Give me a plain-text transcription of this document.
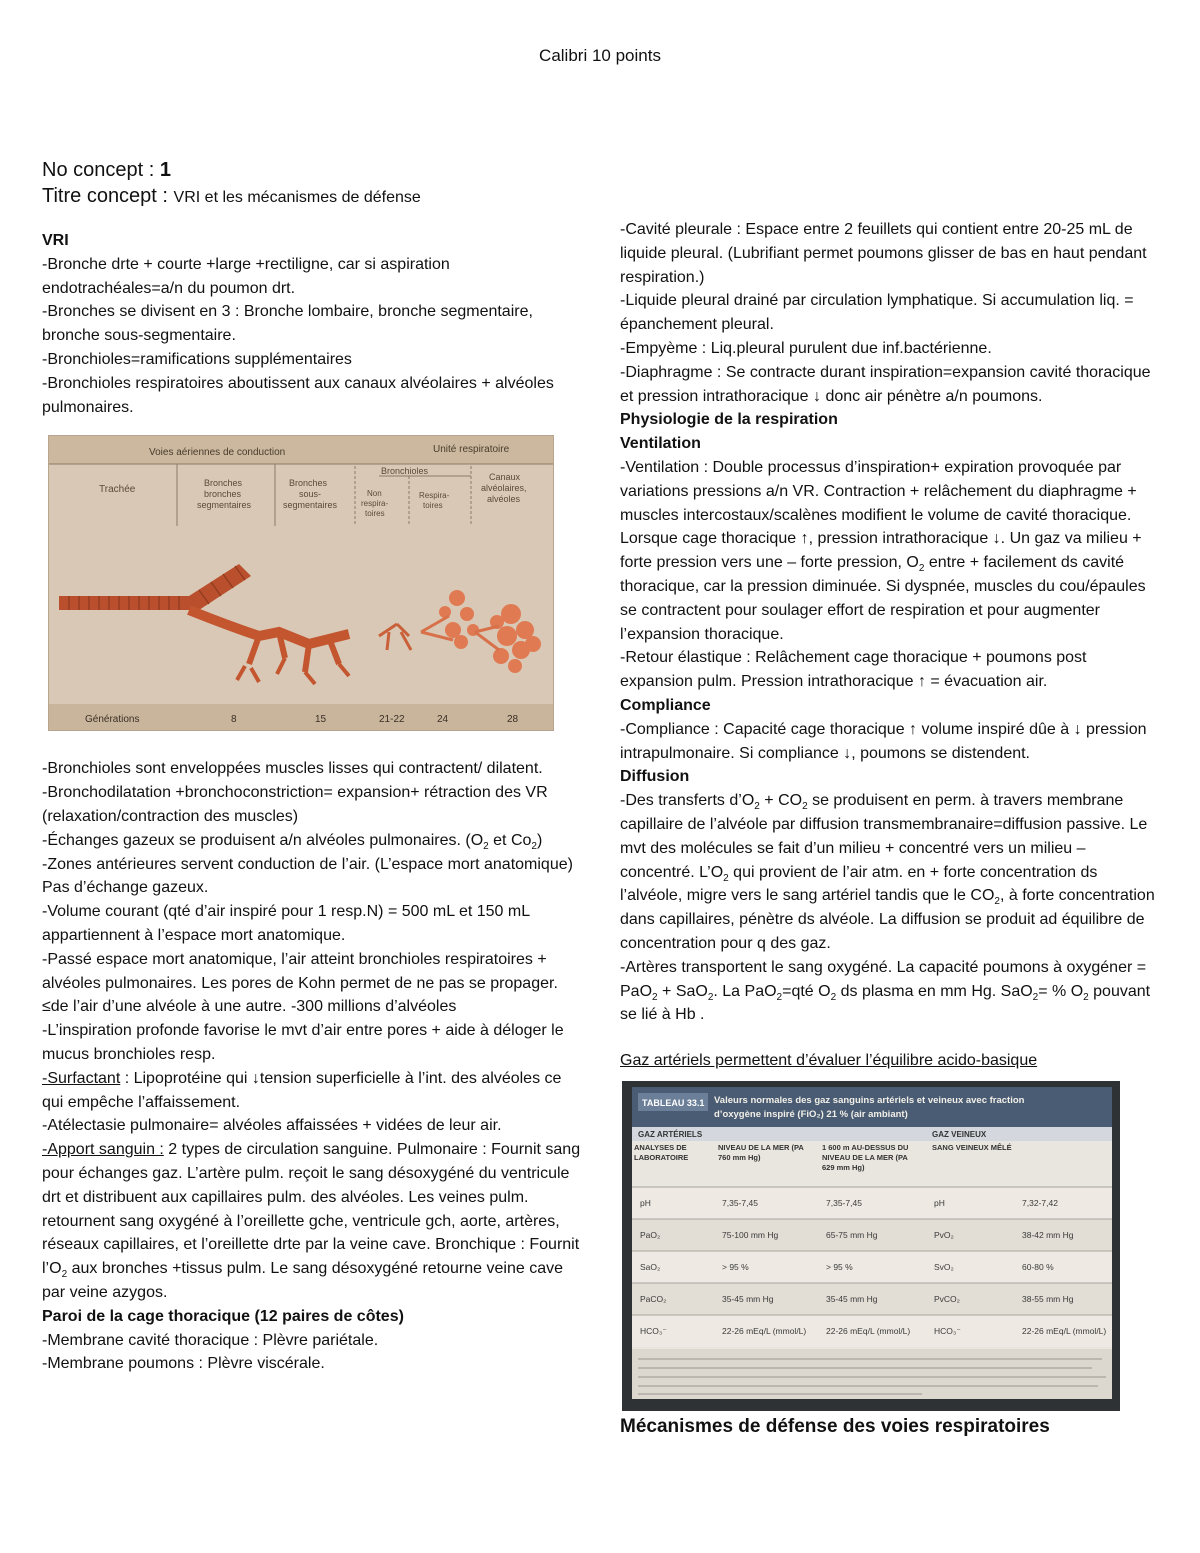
Calibri 10 points
No concept : 1
Titre concept : VRI et les mécanismes de défense
VRI
-Bronche drte + courte +large +rectiligne, car si aspiration endotrachéales=a/n du poumon drt.
-Bronches se divisent en 3 : Bronche lombaire, bronche segmentaire, bronche sous-segmentaire.
-Bronchioles=ramifications supplémentaires
-Bronchioles respiratoires aboutissent aux canaux alvéolaires + alvéoles pulmonaires.
Voies aériennes de conduction	Unité respiratoire
Trachée
Bronches
bronches
segmentaires
Bronches
sous-
segmentaires
Bronchioles
Non
respira-
toires
Respira-
toires
Canaux
alvéolaires,
alvéoles
Générations	8	15	21-22	24	28
-Bronchioles sont enveloppées muscles lisses qui contractent/ dilatent.
-Bronchodilatation +bronchoconstriction= expansion+ rétraction des VR (relaxation/contraction des muscles)
-Échanges gazeux se produisent a/n alvéoles pulmonaires. ($O_2$ et $Co_2$)
-Zones antérieures servent conduction de l’air. (L’espace mort anatomique) Pas d’échange gazeux.
-Volume courant (qté d’air inspiré pour 1 resp.N) = 500 mL et 150 mL appartiennent à l’espace mort anatomique.
-Passé espace mort anatomique, l’air atteint bronchioles respiratoires + alvéoles pulmonaires. Les pores de Kohn permet de ne pas se propager.
≤de l’air d’une alvéole à une autre. -300 millions d’alvéoles
-L’inspiration profonde favorise le mvt d’air entre pores + aide à déloger le mucus bronchioles resp.
-Surfactant : Lipoprotéine qui ↓tension superficielle à l’int. des alvéoles ce qui empêche l’affaissement.
-Atélectasie pulmonaire= alvéoles affaissées + vidées de leur air.
-Apport sanguin : 2 types de circulation sanguine. Pulmonaire : Fournit sang pour échanges gaz. L’artère pulm. reçoit le sang désoxygéné du ventricule drt et distribuent aux capillaires pulm. des alvéoles. Les veines pulm. retournent sang oxygéné à l’oreillette gche, ventricule gch, aorte, artères, réseaux capillaires, et l’oreillette drte par la veine cave. Bronchique : Fournit $l’O_2$ aux bronches +tissus pulm. Le sang désoxygéné retourne veine cave par veine azygos.
Paroi de la cage thoracique (12 paires de côtes)
-Membrane cavité thoracique : Plèvre pariétale.
-Membrane poumons : Plèvre viscérale.
-Cavité pleurale : Espace entre 2 feuillets qui contient entre 20-25 mL de liquide pleural. (Lubrifiant permet poumons glisser de bas en haut pendant respiration.)
-Liquide pleural drainé par circulation lymphatique. Si accumulation liq. = épanchement pleural.
-Empyème : Liq.pleural purulent due inf.bactérienne.
-Diaphragme : Se contracte durant inspiration=expansion cavité thoracique et pression intrathoracique ↓ donc air pénètre a/n poumons.
Physiologie de la respiration
Ventilation
-Ventilation : Double processus d’inspiration+ expiration provoquée par variations pressions a/n VR. Contraction + relâchement du diaphragme + muscles intercostaux/scalènes modifient le volume de cavité thoracique. Lorsque cage thoracique ↑, pression intrathoracique ↓. Un gaz va milieu + forte pression vers une – forte pression, $O_2$ entre + facilement ds cavité thoracique, car la pression diminuée. Si dyspnée, muscles du cou/épaules se contractent pour soulager effort de respiration et pour augmenter l’expansion thoracique.
-Retour élastique : Relâchement cage thoracique + poumons post expansion pulm. Pression intrathoracique ↑ = évacuation air.
Compliance
-Compliance : Capacité cage thoracique ↑ volume inspiré dûe à ↓ pression intrapulmonaire. Si compliance ↓, poumons se distendent.
Diffusion
-Des transferts $d’O_2 + CO_2$ se produisent en perm. à travers membrane capillaire de l’alvéole par diffusion transmembranaire=diffusion passive. Le mvt des molécules se fait d’un milieu + concentré vers un milieu – concentré. $L’O_2$ qui provient de l’air atm. en + forte concentration ds l’alvéole, migre vers le sang artériel tandis que le $CO_2$, à forte concentration dans capillaires, pénètre ds alvéole. La diffusion se produit ad équilibre de concentration pour q des gaz.
-Artères transportent le sang oxygéné. La capacité poumons à oxygéner = PaO$_2$ + SaO$_2$. La PaO$_2$=qté $O_2$ ds plasma en mm Hg. SaO$_2$= % $O_2$ pouvant se lié à Hb .
Gaz artériels permettent d’évaluer l’équilibre acido-basique
TABLEAU 33.1 Valeurs normales des gaz sanguins artériels et veineux avec fraction
d’oxygène inspiré (FiO₂) 21 % (air ambiant)
GAZ ARTÉRIELS	GAZ VEINEUX
ANALYSES DE LABORATOIRE
NIVEAU DE LA MER (PA 760 mm Hg)
1 600 m AU-DESSUS DU NIVEAU DE LA MER (PA 629 mm Hg)
SANG VEINEUX MÊLÉ
pH	7,35-7,45	7,35-7,45	pH	7,32-7,42
PaO₂	75-100 mm Hg	65-75 mm Hg	PvO₂	38-42 mm Hg
SaO₂	> 95 %	> 95 %	SvO₂	60-80 %
PaCO₂	35-45 mm Hg	35-45 mm Hg	PvCO₂	38-55 mm Hg
HCO₃⁻	22-26 mEq/L (mmol/L) 22-26 mEq/L (mmol/L)	HCO₃⁻	22-26 mEq/L (mmol/L)
Mécanismes de défense des voies respiratoires
